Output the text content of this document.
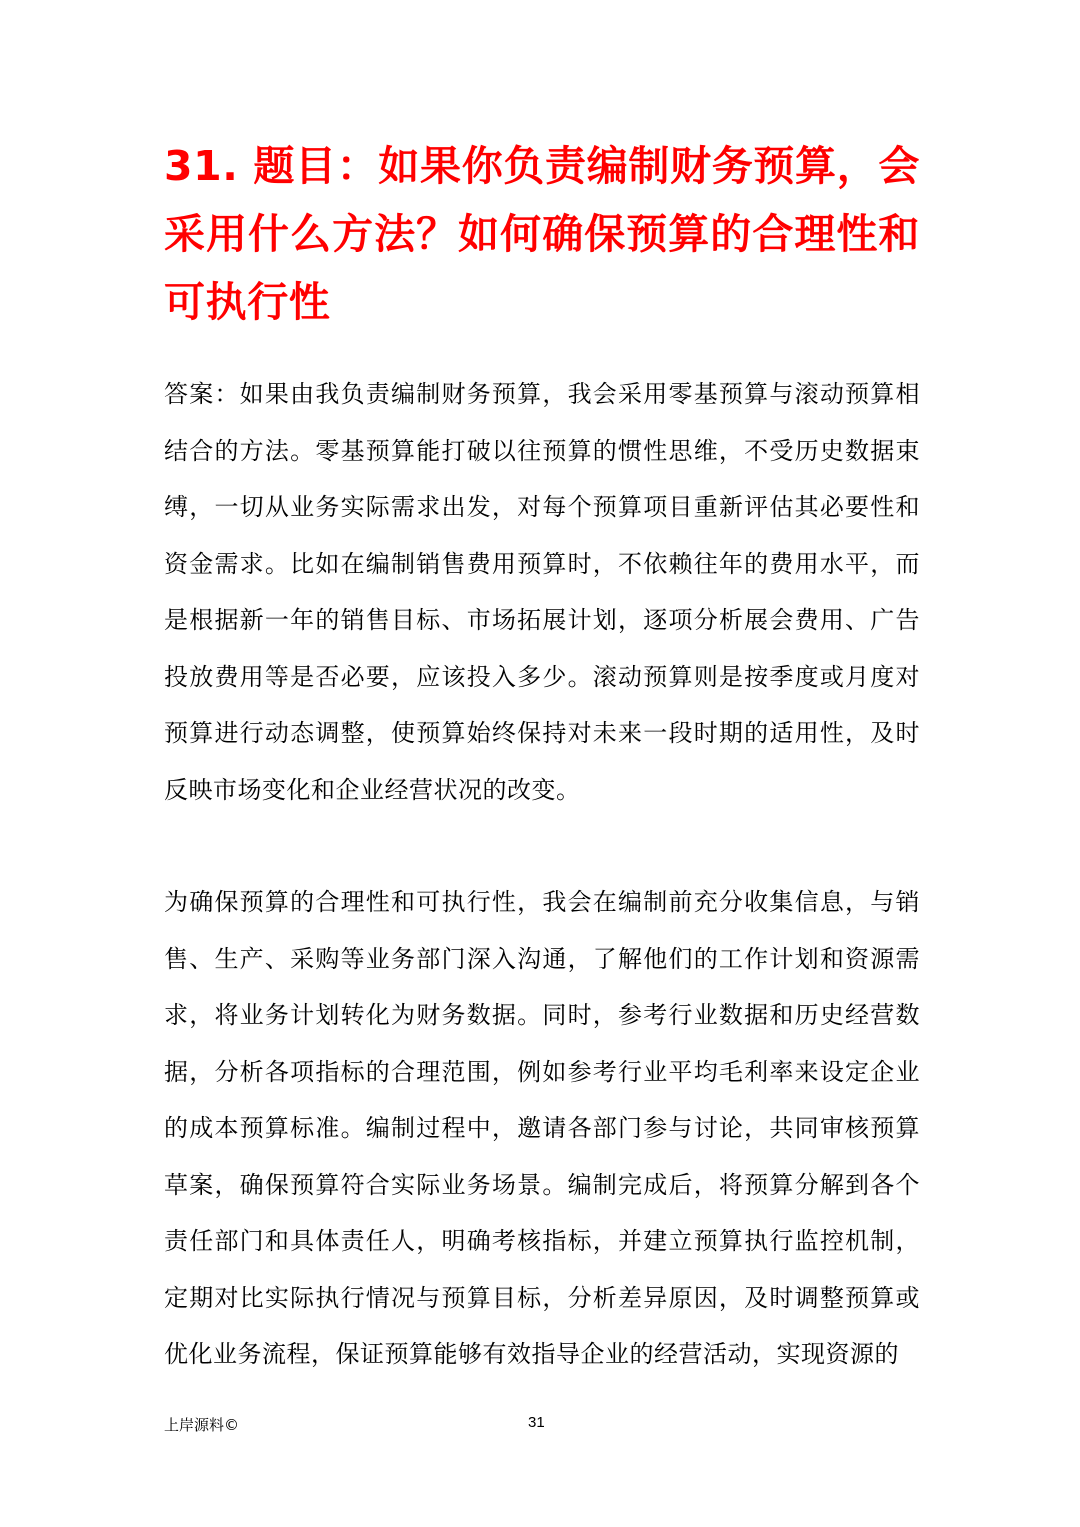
31. 题目：如果你负责编制财务预算，会采用什么方法？如何确保预算的合理性和可执行性

答案：如果由我负责编制财务预算，我会采用零基预算与滚动预算相结合的方法。零基预算能打破以往预算的惯性思维，不受历史数据束缚，一切从业务实际需求出发，对每个预算项目重新评估其必要性和资金需求。比如在编制销售费用预算时，不依赖往年的费用水平，而是根据新一年的销售目标、市场拓展计划，逐项分析展会费用、广告投放费用等是否必要，应该投入多少。滚动预算则是按季度或月度对预算进行动态调整，使预算始终保持对未来一段时期的适用性，及时反映市场变化和企业经营状况的改变。

为确保预算的合理性和可执行性，我会在编制前充分收集信息，与销售、生产、采购等业务部门深入沟通，了解他们的工作计划和资源需求，将业务计划转化为财务数据。同时，参考行业数据和历史经营数据，分析各项指标的合理范围，例如参考行业平均毛利率来设定企业的成本预算标准。编制过程中，邀请各部门参与讨论，共同审核预算草案，确保预算符合实际业务场景。编制完成后，将预算分解到各个责任部门和具体责任人，明确考核指标，并建立预算执行监控机制，定期对比实际执行情况与预算目标，分析差异原因，及时调整预算或优化业务流程，保证预算能够有效指导企业的经营活动，实现资源的

上岸源料©	31
